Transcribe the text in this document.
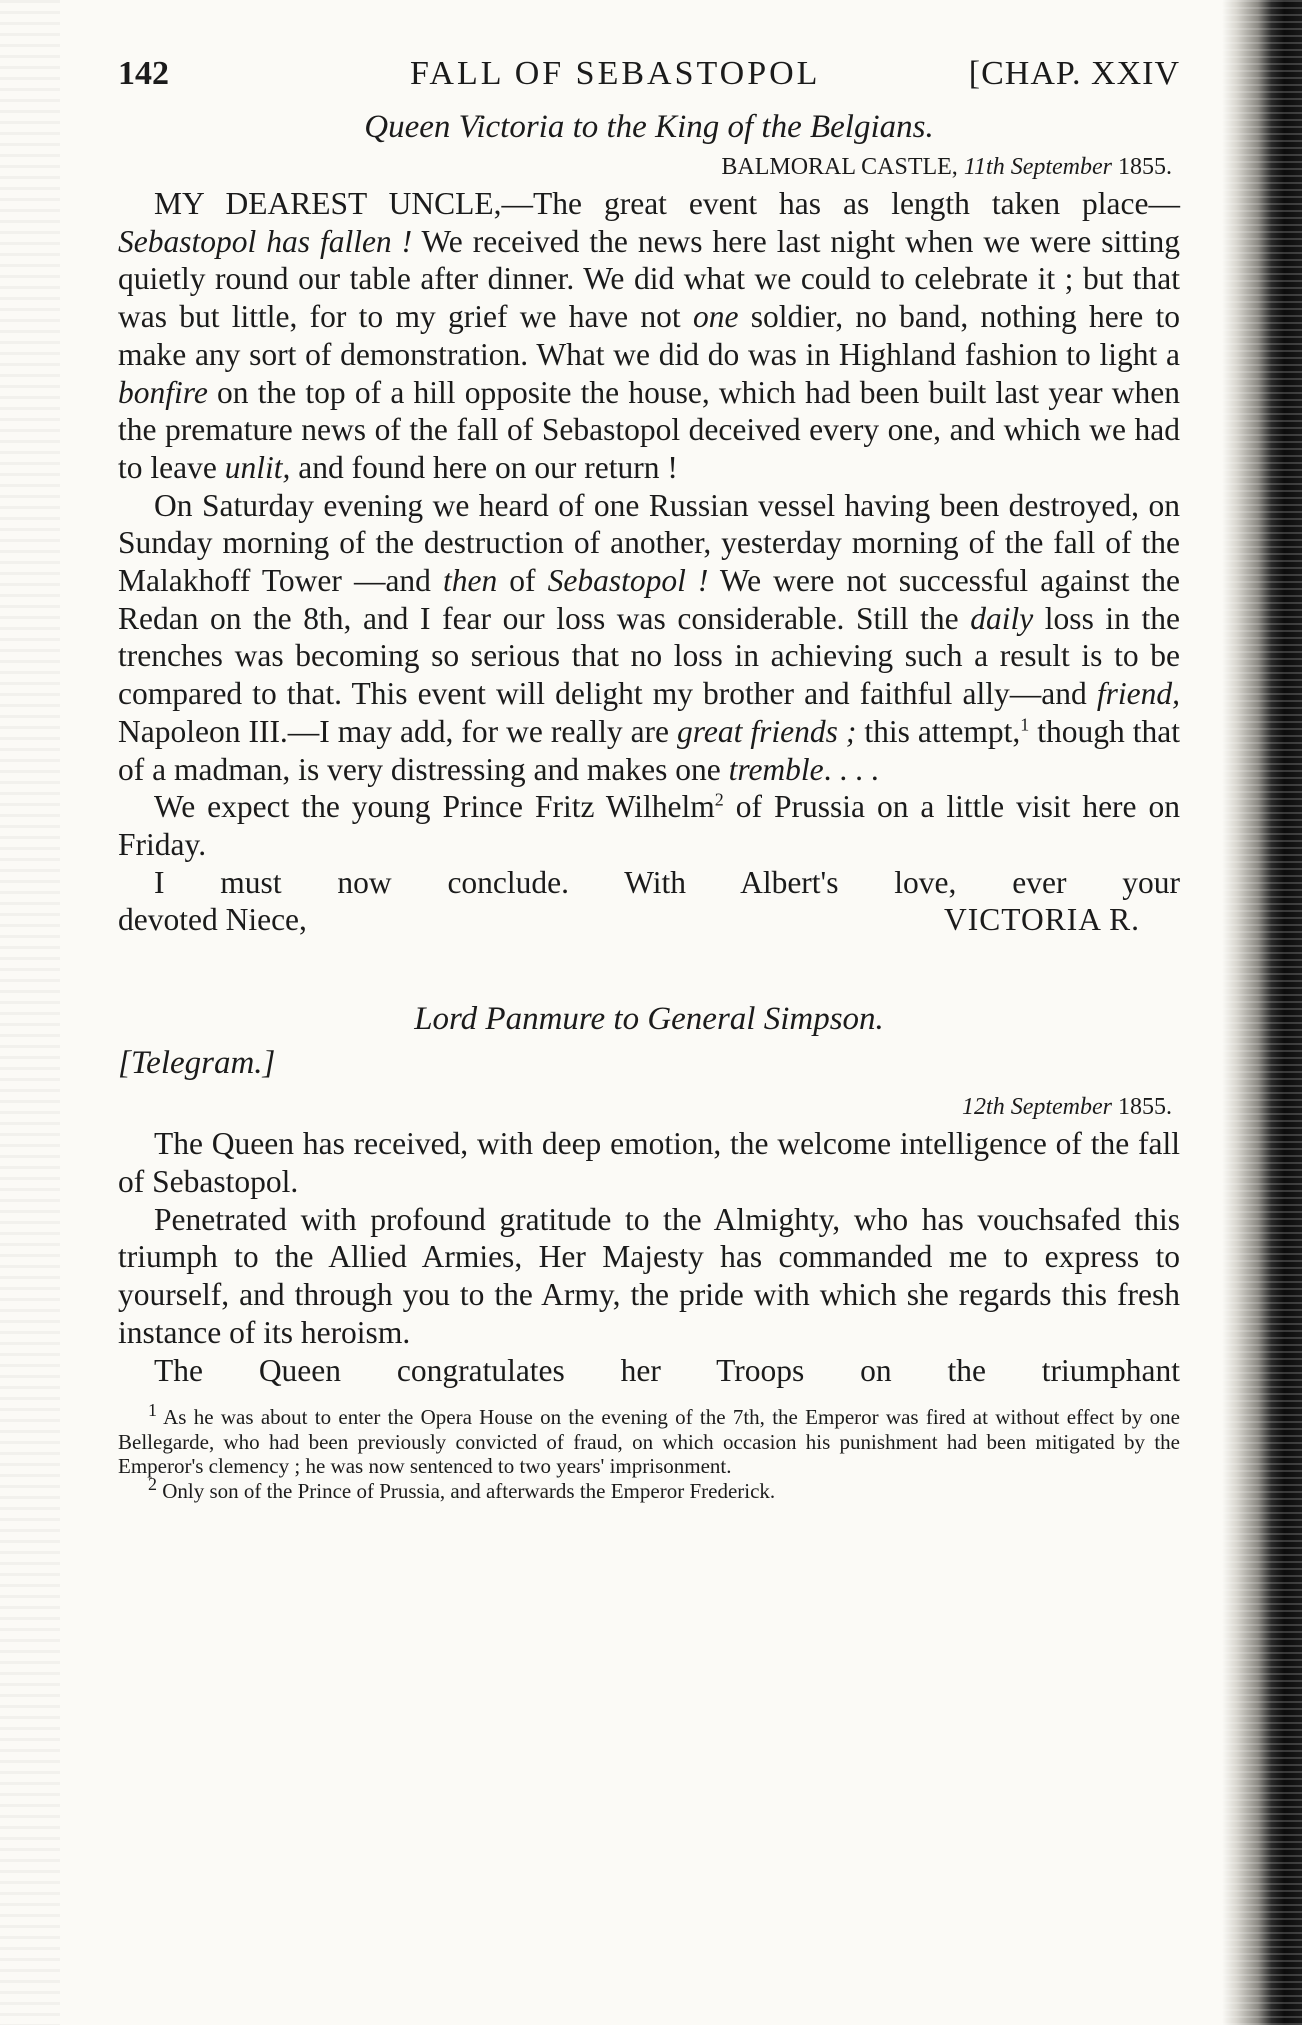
142	FALL OF SEBASTOPOL	[CHAP. XXIV

Queen Victoria to the King of the Belgians.

BALMORAL CASTLE, 11th September 1855.

MY DEAREST UNCLE,—The great event has as length taken place—Sebastopol has fallen ! We received the news here last night when we were sitting quietly round our table after dinner. We did what we could to celebrate it ; but that was but little, for to my grief we have not one soldier, no band, nothing here to make any sort of demonstration. What we did do was in Highland fashion to light a bonfire on the top of a hill opposite the house, which had been built last year when the premature news of the fall of Sebastopol deceived every one, and which we had to leave unlit, and found here on our return !

On Saturday evening we heard of one Russian vessel having been destroyed, on Sunday morning of the destruction of another, yesterday morning of the fall of the Malakhoff Tower —and then of Sebastopol ! We were not successful against the Redan on the 8th, and I fear our loss was considerable. Still the daily loss in the trenches was becoming so serious that no loss in achieving such a result is to be compared to that. This event will delight my brother and faithful ally—and friend, Napoleon III.—I may add, for we really are great friends ; this attempt,$^1$ though that of a madman, is very distressing and makes one tremble. . . .

We expect the young Prince Fritz Wilhelm$^2$ of Prussia on a little visit here on Friday.

I must now conclude. With Albert's love, ever your

devoted Niece,	VICTORIA R.

Lord Panmure to General Simpson.

[Telegram.]

12th September 1855.

The Queen has received, with deep emotion, the welcome intelligence of the fall of Sebastopol.

Penetrated with profound gratitude to the Almighty, who has vouchsafed this triumph to the Allied Armies, Her Majesty has commanded me to express to yourself, and through you to the Army, the pride with which she regards this fresh instance of its heroism.

The Queen congratulates her Troops on the triumphant

$^1$ As he was about to enter the Opera House on the evening of the 7th, the Emperor was fired at without effect by one Bellegarde, who had been previously convicted of fraud, on which occasion his punishment had been mitigated by the Emperor's clemency ; he was now sentenced to two years' imprisonment.

$^2$ Only son of the Prince of Prussia, and afterwards the Emperor Frederick.
